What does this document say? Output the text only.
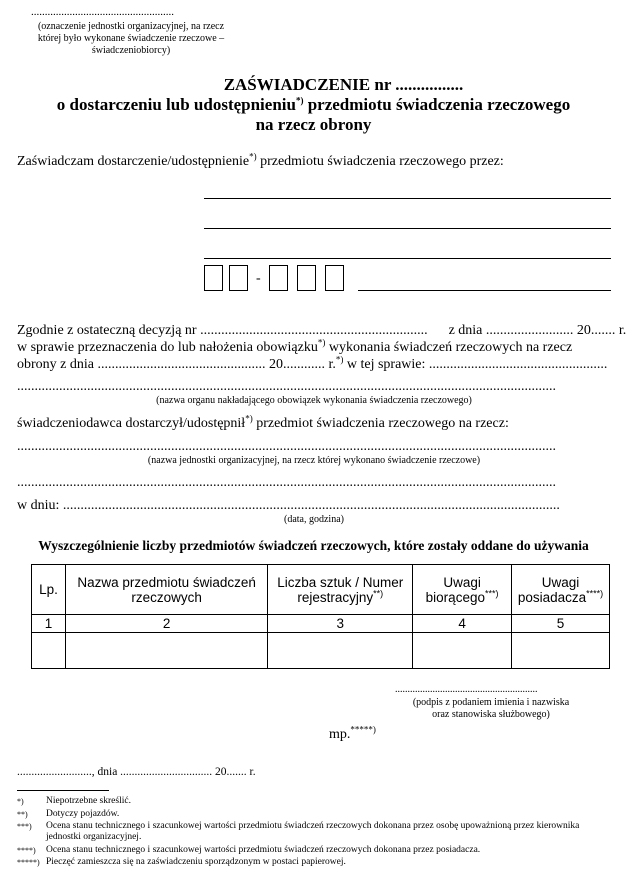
....................................................
(oznaczenie jednostki organizacyjnej, na rzecz której było wykonane świadczenie rzeczowe – świadczeniobiorcy)
ZAŚWIADCZENIE nr ................
o dostarczeniu lub udostępnieniu*) przedmiotu świadczenia rzeczowego
na rzecz obrony
Zaświadczam dostarczenie/udostępnienie*) przedmiotu świadczenia rzeczowego przez:
-
Zgodnie z ostateczną decyzją nr .................................................................      z dnia ......................... 20....... r.
w sprawie przeznaczenia do lub nałożenia obowiązku*) wykonania świadczeń rzeczowych na rzecz
obrony z dnia ................................................ 20............ r.*) w tej sprawie: ...................................................
..........................................................................................................................................................
(nazwa organu nakładającego obowiązek wykonania świadczenia rzeczowego)
świadczeniodawca dostarczył/udostępnił*) przedmiot świadczenia rzeczowego na rzecz:
..........................................................................................................................................................
(nazwa jednostki organizacyjnej, na rzecz której wykonano świadczenie rzeczowe)
..........................................................................................................................................................
w dniu: ..............................................................................................................................................
(data, godzina)
Wyszczególnienie liczby przedmiotów świadczeń rzeczowych, które zostały oddane do używania
Lp.	Nazwa przedmiotu świadczeń rzeczowych	Liczba sztuk / Numer rejestracyjny**)	Uwagi biorącego***)	Uwagi posiadacza****)
1	2	3	4	5

.........................................................
(podpis z podaniem imienia i nazwiska
oraz stanowiska służbowego)
mp.*****)
.........................., dnia ................................ 20....... r.
*) Niepotrzebne skreślić.
**) Dotyczy pojazdów.
***) Ocena stanu technicznego i szacunkowej wartości przedmiotu świadczeń rzeczowych dokonana przez osobę upoważnioną przez kierownika jednostki organizacyjnej.
****) Ocena stanu technicznego i szacunkowej wartości przedmiotu świadczeń rzeczowych dokonana przez posiadacza.
*****) Pieczęć zamieszcza się na zaświadczeniu sporządzonym w postaci papierowej.
